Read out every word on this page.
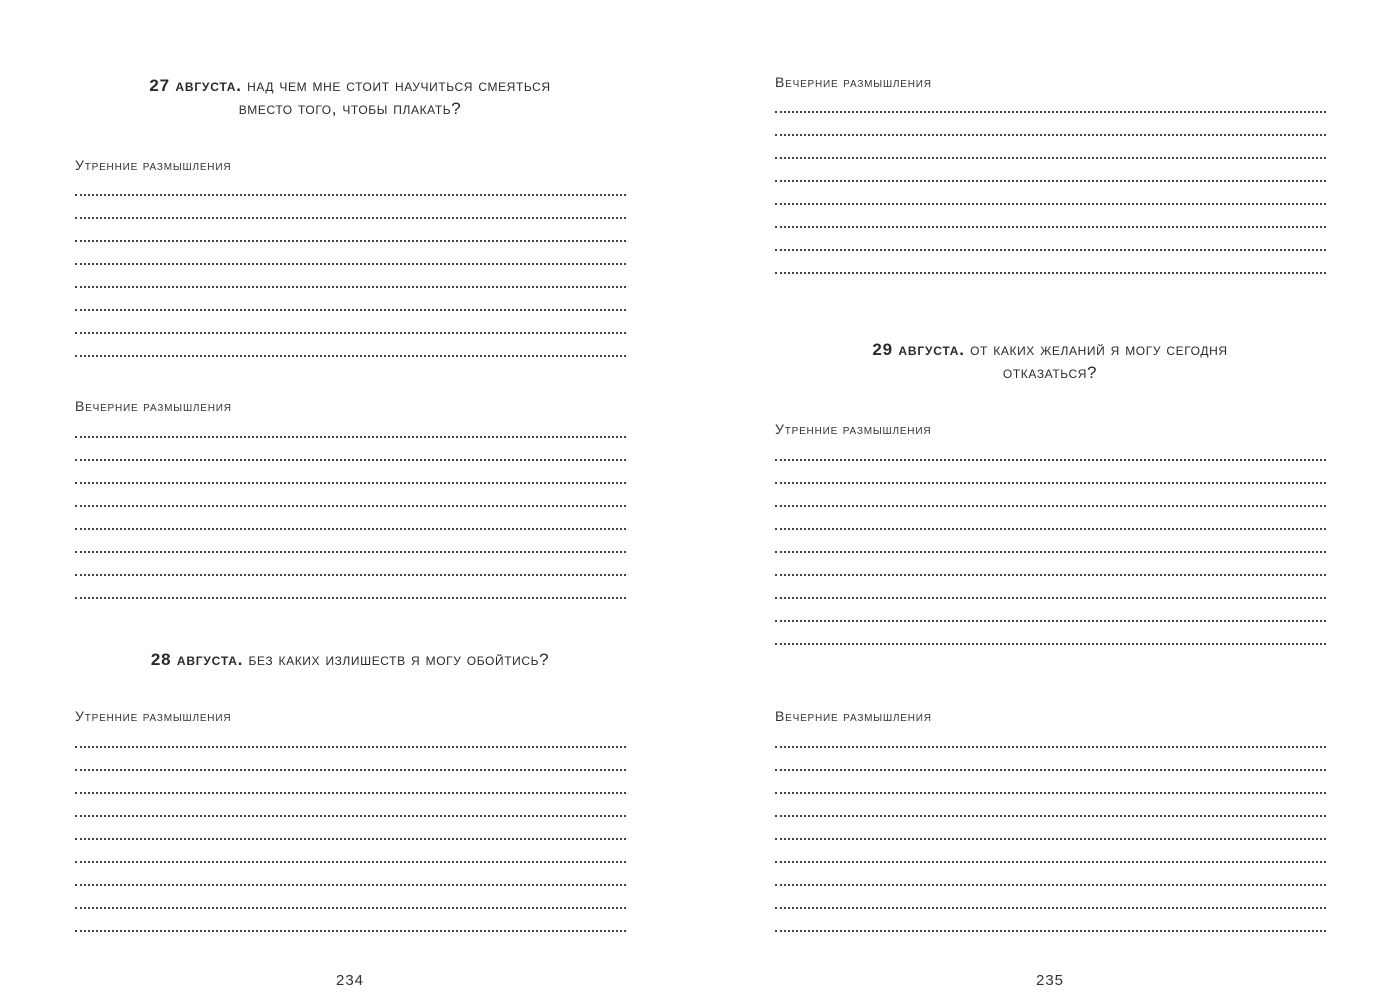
27 августа. над чем мне стоит научиться смеяться
вместо того, чтобы плакать?
Утренние размышления
Вечерние размышления
28 августа. без каких излишеств я могу обойтись?
Утренние размышления
234
Вечерние размышления
29 августа. от каких желаний я могу сегодня
отказаться?
Утренние размышления
Вечерние размышления
235
